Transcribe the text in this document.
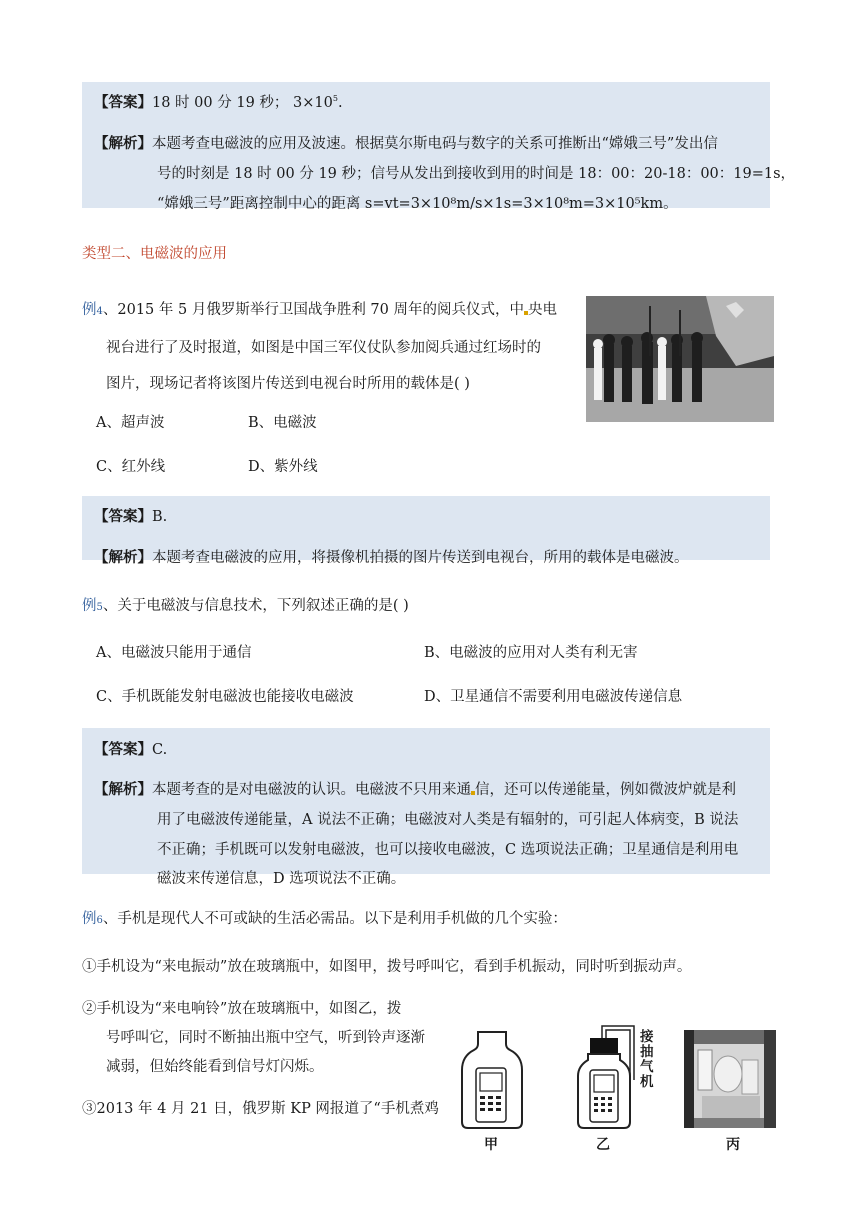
【答案】18 时 00 分 19 秒； $3\times 10^5$.
【解析】本题考查电磁波的应用及波速。根据莫尔斯电码与数字的关系可推断出“嫦娥三号”发出信
号的时刻是 18 时 00 分 19 秒；信号从发出到接收到用的时间是 18：00：20-18：00：19=1s，
“嫦娥三号”距离控制中心的距离 s=vt=3×10⁸m/s×1s=3×10⁸m=3×10⁵km。
类型二、电磁波的应用
例4、2015 年 5 月俄罗斯举行卫国战争胜利 70 周年的阅兵仪式，中 央电
视台进行了及时报道，如图是中国三军仪仗队参加阅兵通过红场时的
图片，现场记者将该图片传送到电视台时所用的载体是( )
A、超声波	B、电磁波
C、红外线	D、紫外线
【答案】B.
【解析】本题考查电磁波的应用，将摄像机拍摄的图片传送到电视台，所用的载体是电磁波。
例5、关于电磁波与信息技术，下列叙述正确的是( )
A、电磁波只能用于通信	B、电磁波的应用对人类有利无害
C、手机既能发射电磁波也能接收电磁波	D、卫星通信不需要利用电磁波传递信息
【答案】C.
【解析】本题考查的是对电磁波的认识。电磁波不只用来通 信，还可以传递能量，例如微波炉就是利
用了电磁波传递能量，A 说法不正确；电磁波对人类是有辐射的，可引起人体病变，B 说法
不正确；手机既可以发射电磁波，也可以接收电磁波，C 选项说法正确；卫星通信是利用电
磁波来传递信息，D 选项说法不正确。
例6、手机是现代人不可或缺的生活必需品。以下是利用手机做的几个实验：
①手机设为“来电振动”放在玻璃瓶中，如图甲，拨号呼叫它，看到手机振动，同时听到振动声。
②手机设为“来电响铃”放在玻璃瓶中，如图乙，拨
号呼叫它，同时不断抽出瓶中空气，听到铃声逐渐
减弱，但始终能看到信号灯闪烁。
③2013 年 4 月 21 日，俄罗斯 KP 网报道了“手机煮鸡
甲
接抽气机
乙	丙
